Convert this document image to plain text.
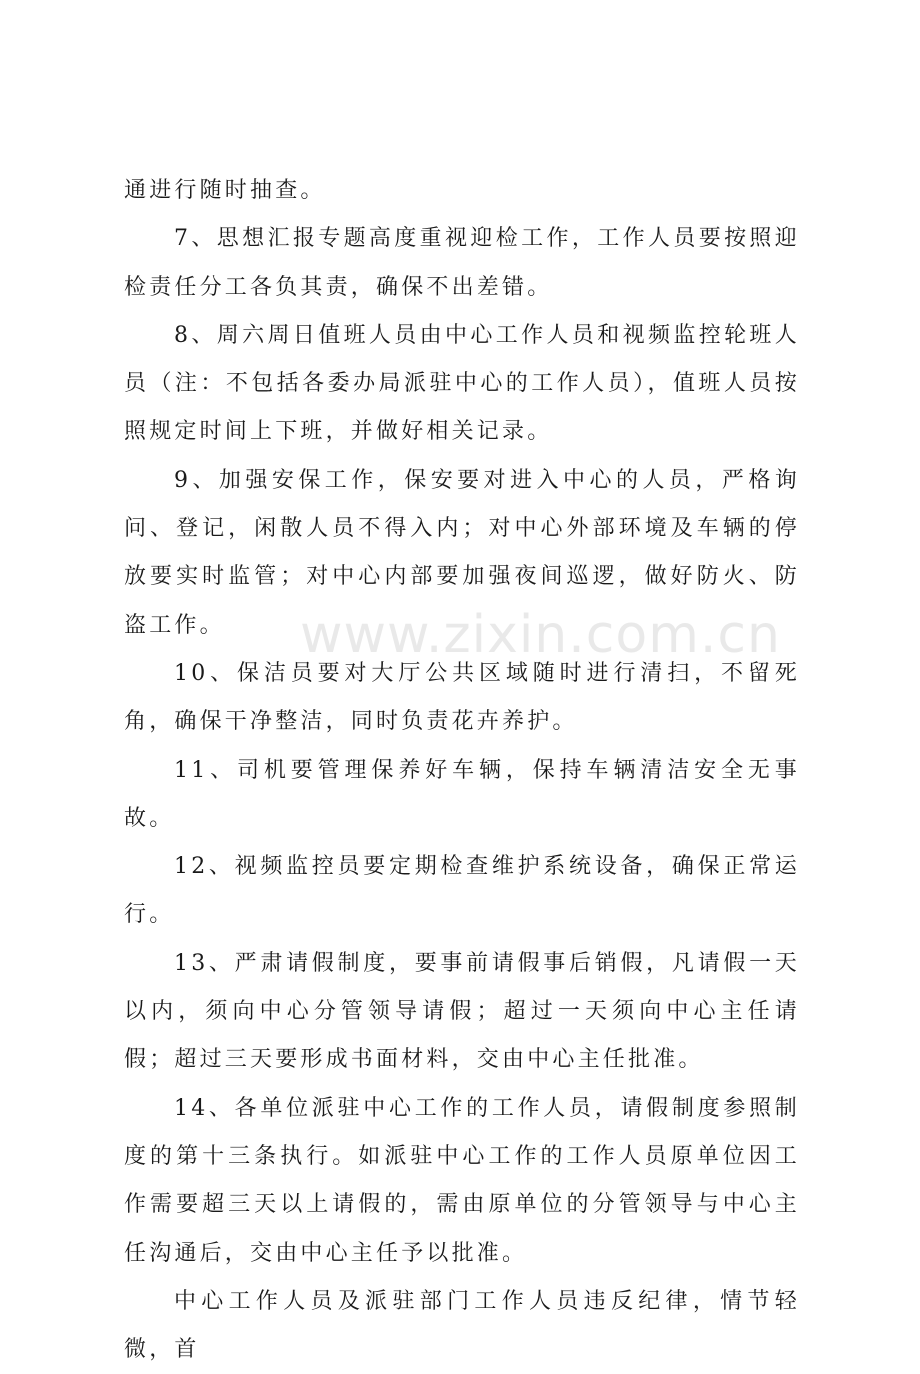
www.zixin.com.cn

通进行随时抽查。

7、思想汇报专题高度重视迎检工作，工作人员要按照迎检责任分工各负其责，确保不出差错。

8、周六周日值班人员由中心工作人员和视频监控轮班人员（注：不包括各委办局派驻中心的工作人员），值班人员按照规定时间上下班，并做好相关记录。

9、加强安保工作，保安要对进入中心的人员，严格询问、登记，闲散人员不得入内；对中心外部环境及车辆的停放要实时监管；对中心内部要加强夜间巡逻，做好防火、防盗工作。

10、保洁员要对大厅公共区域随时进行清扫，不留死角，确保干净整洁，同时负责花卉养护。

11、司机要管理保养好车辆，保持车辆清洁安全无事故。

12、视频监控员要定期检查维护系统设备，确保正常运行。

13、严肃请假制度，要事前请假事后销假，凡请假一天以内，须向中心分管领导请假；超过一天须向中心主任请假；超过三天要形成书面材料，交由中心主任批准。

14、各单位派驻中心工作的工作人员，请假制度参照制度的第十三条执行。如派驻中心工作的工作人员原单位因工作需要超三天以上请假的，需由原单位的分管领导与中心主任沟通后，交由中心主任予以批准。

中心工作人员及派驻部门工作人员违反纪律，情节轻微，首
